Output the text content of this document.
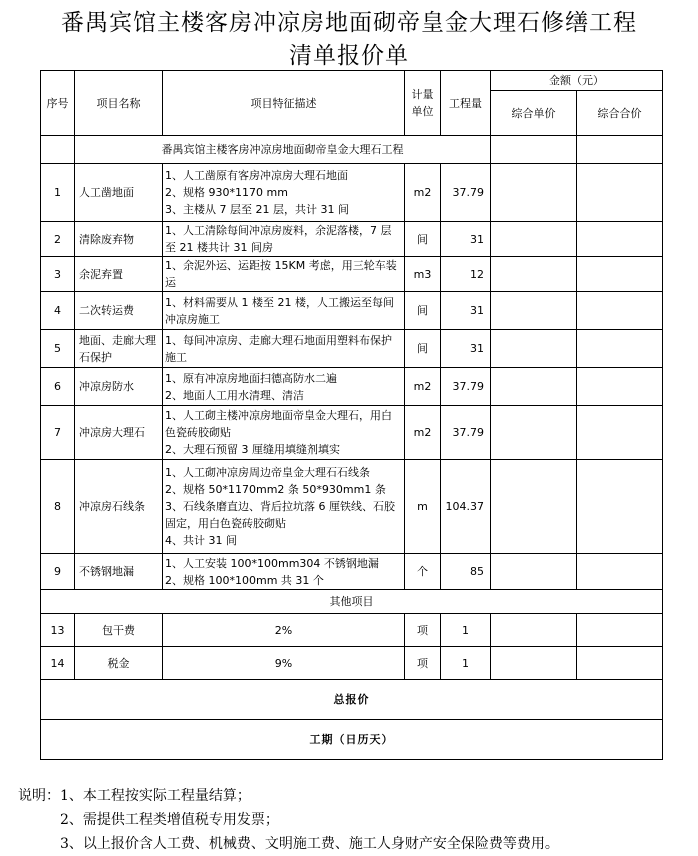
番禺宾馆主楼客房冲凉房地面砌帝皇金大理石修缮工程
清单报价单
序号	项目名称	项目特征描述	计量单位	工程量	金额（元）	
					综合单价	综合合价
	番禺宾馆主楼客房冲凉房地面砌帝皇金大理石工程					
1	人工凿地面	1、人工凿原有客房冲凉房大理石地面
2、规格 930*1170 mm
3、主楼从 7 层至 21 层，共计 31 间	m2	37.79		
2	清除废弃物	1、人工清除每间冲凉房废料，余泥落楼，7 层至 21 楼共计 31 间房	间	31		
3	余泥弃置	1、余泥外运、运距按 15KM 考虑，用三轮车装运	m3	12		
4	二次转运费	1、材料需要从 1 楼至 21 楼，人工搬运至每间冲凉房施工	间	31		
5	地面、走廊大理石保护	1、每间冲凉房、走廊大理石地面用塑料布保护施工	间	31		
6	冲凉房防水	1、原有冲凉房地面扫德高防水二遍
2、地面人工用水清理、清洁	m2	37.79		
7	冲凉房大理石	1、人工砌主楼冲凉房地面帝皇金大理石，用白色瓷砖胶砌贴
2、大理石预留 3 厘缝用填缝剂填实	m2	37.79		
8	冲凉房石线条	1、人工砌冲凉房周边帝皇金大理石石线条
2、规格 50*1170mm2 条 50*930mm1 条
3、石线条磨直边、背后拉坑落 6 厘铁线、石胶固定，用白色瓷砖胶砌贴
4、共计 31 间	m	104.37		
9	不锈钢地漏	1、人工安装 100*100mm304 不锈钢地漏
2、规格 100*100mm 共 31 个	个	85		
其他项目						
13	包干费	2%	项	1		
14	税金	9%	项	1		
总报价						
工期（日历天）						
说明：1、本工程按实际工程量结算；
2、需提供工程类增值税专用发票；
3、以上报价含人工费、机械费、文明施工费、施工人身财产安全保险费等费用。
